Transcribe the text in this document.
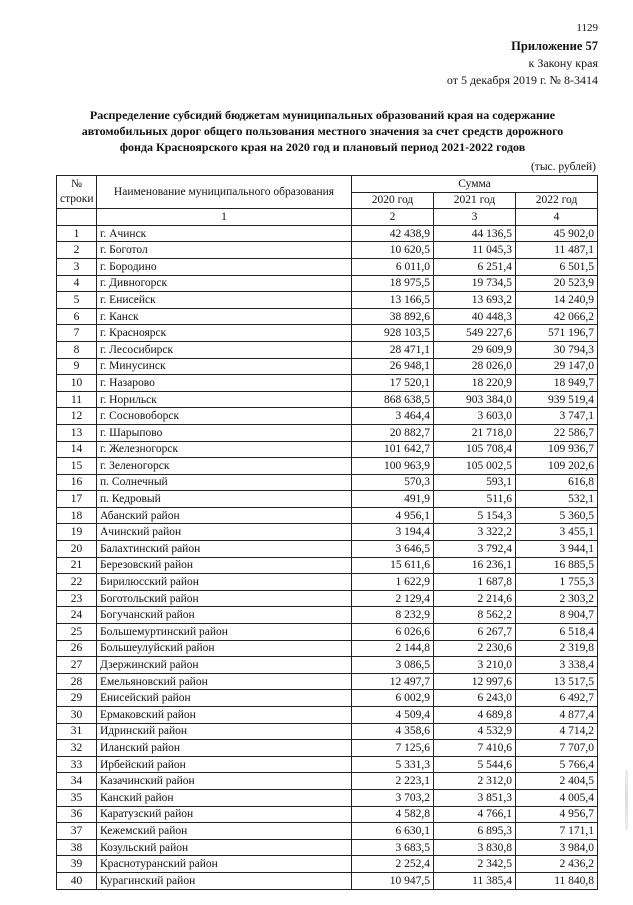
1129
Приложение 57
к Закону края
от 5 декабря 2019 г. № 8-3414
Распределение субсидий бюджетам муниципальных образований края на содержание
автомобильных дорог общего пользования местного значения за счет средств дорожного
фонда Красноярского края на 2020 год и плановый период 2021-2022 годов
(тыс. рублей)
№ строки	Наименование муниципального образования	Сумма		
		2020 год	2021 год	2022 год
	1	2	3	4
1	г. Ачинск	42 438,9	44 136,5	45 902,0
2	г. Боготол	10 620,5	11 045,3	11 487,1
3	г. Бородино	6 011,0	6 251,4	6 501,5
4	г. Дивногорск	18 975,5	19 734,5	20 523,9
5	г. Енисейск	13 166,5	13 693,2	14 240,9
6	г. Канск	38 892,6	40 448,3	42 066,2
7	г. Красноярск	928 103,5	549 227,6	571 196,7
8	г. Лесосибирск	28 471,1	29 609,9	30 794,3
9	г. Минусинск	26 948,1	28 026,0	29 147,0
10	г. Назарово	17 520,1	18 220,9	18 949,7
11	г. Норильск	868 638,5	903 384,0	939 519,4
12	г. Сосновоборск	3 464,4	3 603,0	3 747,1
13	г. Шарыпово	20 882,7	21 718,0	22 586,7
14	г. Железногорск	101 642,7	105 708,4	109 936,7
15	г. Зеленогорск	100 963,9	105 002,5	109 202,6
16	п. Солнечный	570,3	593,1	616,8
17	п. Кедровый	491,9	511,6	532,1
18	Абанский район	4 956,1	5 154,3	5 360,5
19	Ачинский район	3 194,4	3 322,2	3 455,1
20	Балахтинский район	3 646,5	3 792,4	3 944,1
21	Березовский район	15 611,6	16 236,1	16 885,5
22	Бирилюсский район	1 622,9	1 687,8	1 755,3
23	Боготольский район	2 129,4	2 214,6	2 303,2
24	Богучанский район	8 232,9	8 562,2	8 904,7
25	Большемуртинский район	6 026,6	6 267,7	6 518,4
26	Большеулуйский район	2 144,8	2 230,6	2 319,8
27	Дзержинский район	3 086,5	3 210,0	3 338,4
28	Емельяновский район	12 497,7	12 997,6	13 517,5
29	Енисейский район	6 002,9	6 243,0	6 492,7
30	Ермаковский район	4 509,4	4 689,8	4 877,4
31	Идринский район	4 358,6	4 532,9	4 714,2
32	Иланский район	7 125,6	7 410,6	7 707,0
33	Ирбейский район	5 331,3	5 544,6	5 766,4
34	Казачинский район	2 223,1	2 312,0	2 404,5
35	Канский район	3 703,2	3 851,3	4 005,4
36	Каратузский район	4 582,8	4 766,1	4 956,7
37	Кежемский район	6 630,1	6 895,3	7 171,1
38	Козульский район	3 683,5	3 830,8	3 984,0
39	Краснотуранский район	2 252,4	2 342,5	2 436,2
40	Курагинский район	10 947,5	11 385,4	11 840,8
